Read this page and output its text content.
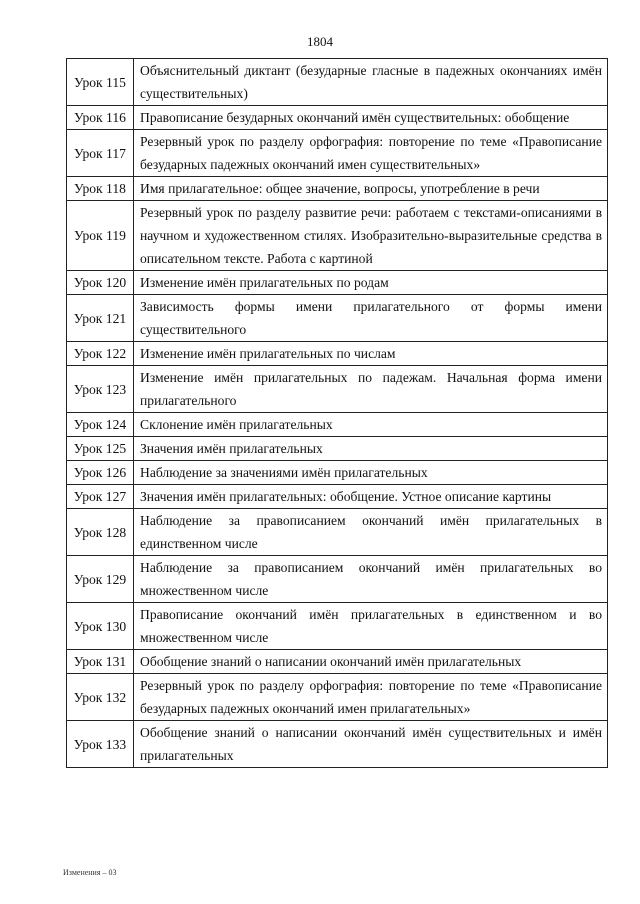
1804
Урок 115	Объяснительный диктант (безударные гласные в падежных окончаниях имён существительных)
Урок 116	Правописание безударных окончаний имён существительных: обобщение
Урок 117	Резервный урок по разделу орфография: повторение по теме «Правописание безударных падежных окончаний имен существительных»
Урок 118	Имя прилагательное: общее значение, вопросы, употребление в речи
Урок 119	Резервный урок по разделу развитие речи: работаем с текстами-описаниями в научном и художественном стилях. Изобразительно-выразительные средства в описательном тексте. Работа с картиной
Урок 120	Изменение имён прилагательных по родам
Урок 121	Зависимость формы имени прилагательного от формы имени существительного
Урок 122	Изменение имён прилагательных по числам
Урок 123	Изменение имён прилагательных по падежам. Начальная форма имени прилагательного
Урок 124	Склонение имён прилагательных
Урок 125	Значения имён прилагательных
Урок 126	Наблюдение за значениями имён прилагательных
Урок 127	Значения имён прилагательных: обобщение. Устное описание картины
Урок 128	Наблюдение за правописанием окончаний имён прилагательных в единственном числе
Урок 129	Наблюдение за правописанием окончаний имён прилагательных во множественном числе
Урок 130	Правописание окончаний имён прилагательных в единственном и во множественном числе
Урок 131	Обобщение знаний о написании окончаний имён прилагательных
Урок 132	Резервный урок по разделу орфография: повторение по теме «Правописание безударных падежных окончаний имен прилагательных»
Урок 133	Обобщение знаний о написании окончаний имён существительных и имён прилагательных
Изменения – 03
